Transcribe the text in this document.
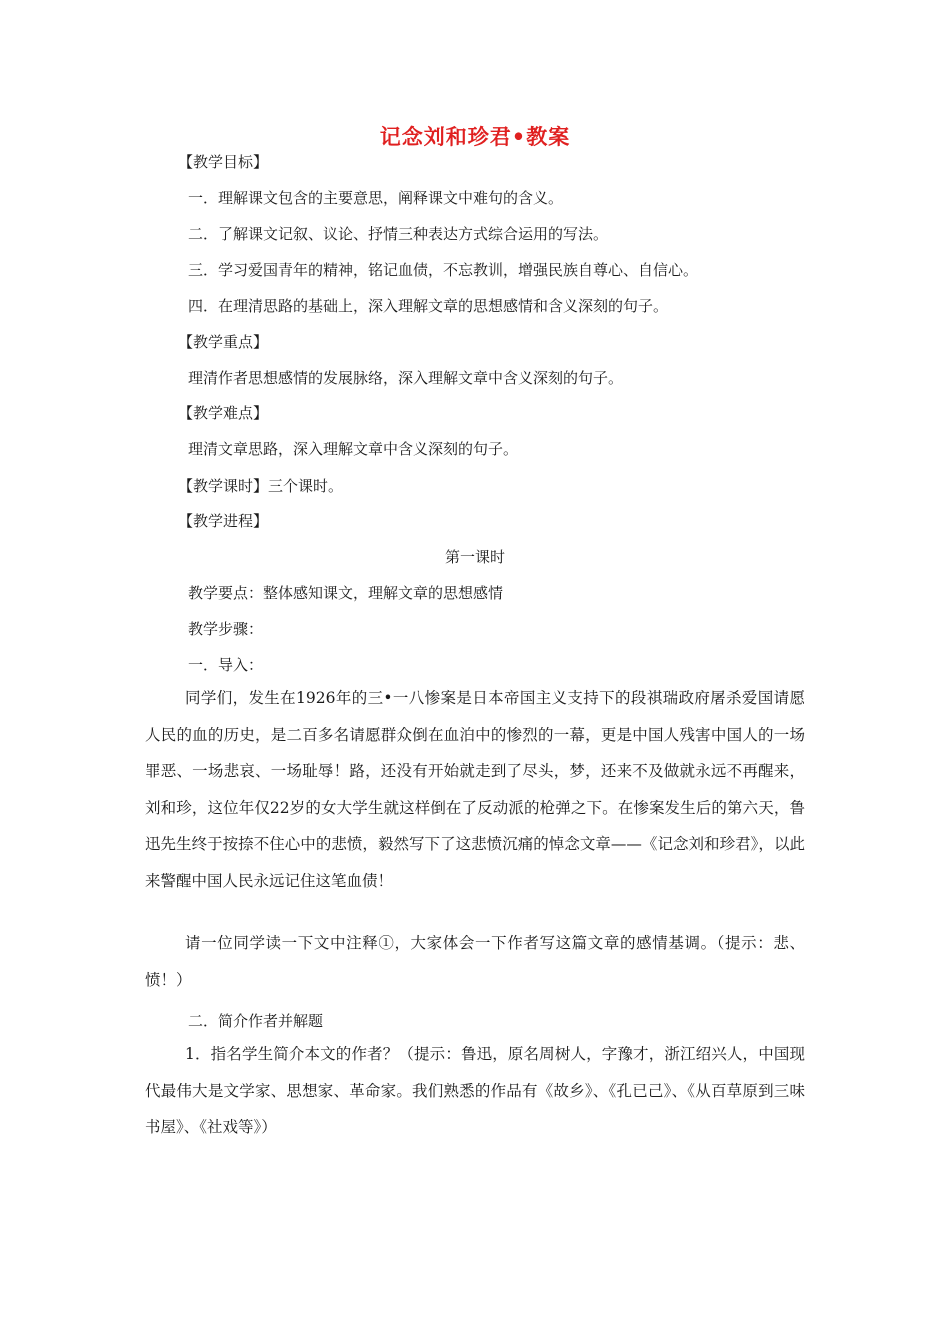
记念刘和珍君•教案
【教学目标】
一．理解课文包含的主要意思，阐释课文中难句的含义。
二．了解课文记叙、议论、抒情三种表达方式综合运用的写法。
三．学习爱国青年的精神，铭记血债，不忘教训，增强民族自尊心、自信心。
四．在理清思路的基础上，深入理解文章的思想感情和含义深刻的句子。
【教学重点】
理清作者思想感情的发展脉络，深入理解文章中含义深刻的句子。
【教学难点】
理清文章思路，深入理解文章中含义深刻的句子。
【教学课时】三个课时。
【教学进程】
第一课时
教学要点：整体感知课文，理解文章的思想感情
教学步骤：
一．导入：

同学们，发生在1926年的三•一八惨案是日本帝国主义支持下的段祺瑞政府屠杀爱国请愿人民的血的历史，是二百多名请愿群众倒在血泊中的惨烈的一幕，更是中国人残害中国人的一场罪恶、一场悲哀、一场耻辱！路，还没有开始就走到了尽头，梦，还来不及做就永远不再醒来，刘和珍，这位年仅22岁的女大学生就这样倒在了反动派的枪弹之下。在惨案发生后的第六天，鲁迅先生终于按捺不住心中的悲愤，毅然写下了这悲愤沉痛的悼念文章——《记念刘和珍君》，以此来警醒中国人民永远记住这笔血债！

请一位同学读一下文中注释①，大家体会一下作者写这篇文章的感情基调。（提示：悲、愤！）

二．简介作者并解题

1．指名学生简介本文的作者？（提示：鲁迅，原名周树人，字豫才，浙江绍兴人，中国现代最伟大是文学家、思想家、革命家。我们熟悉的作品有《故乡》、《孔已己》、《从百草原到三味书屋》、《社戏等》）
